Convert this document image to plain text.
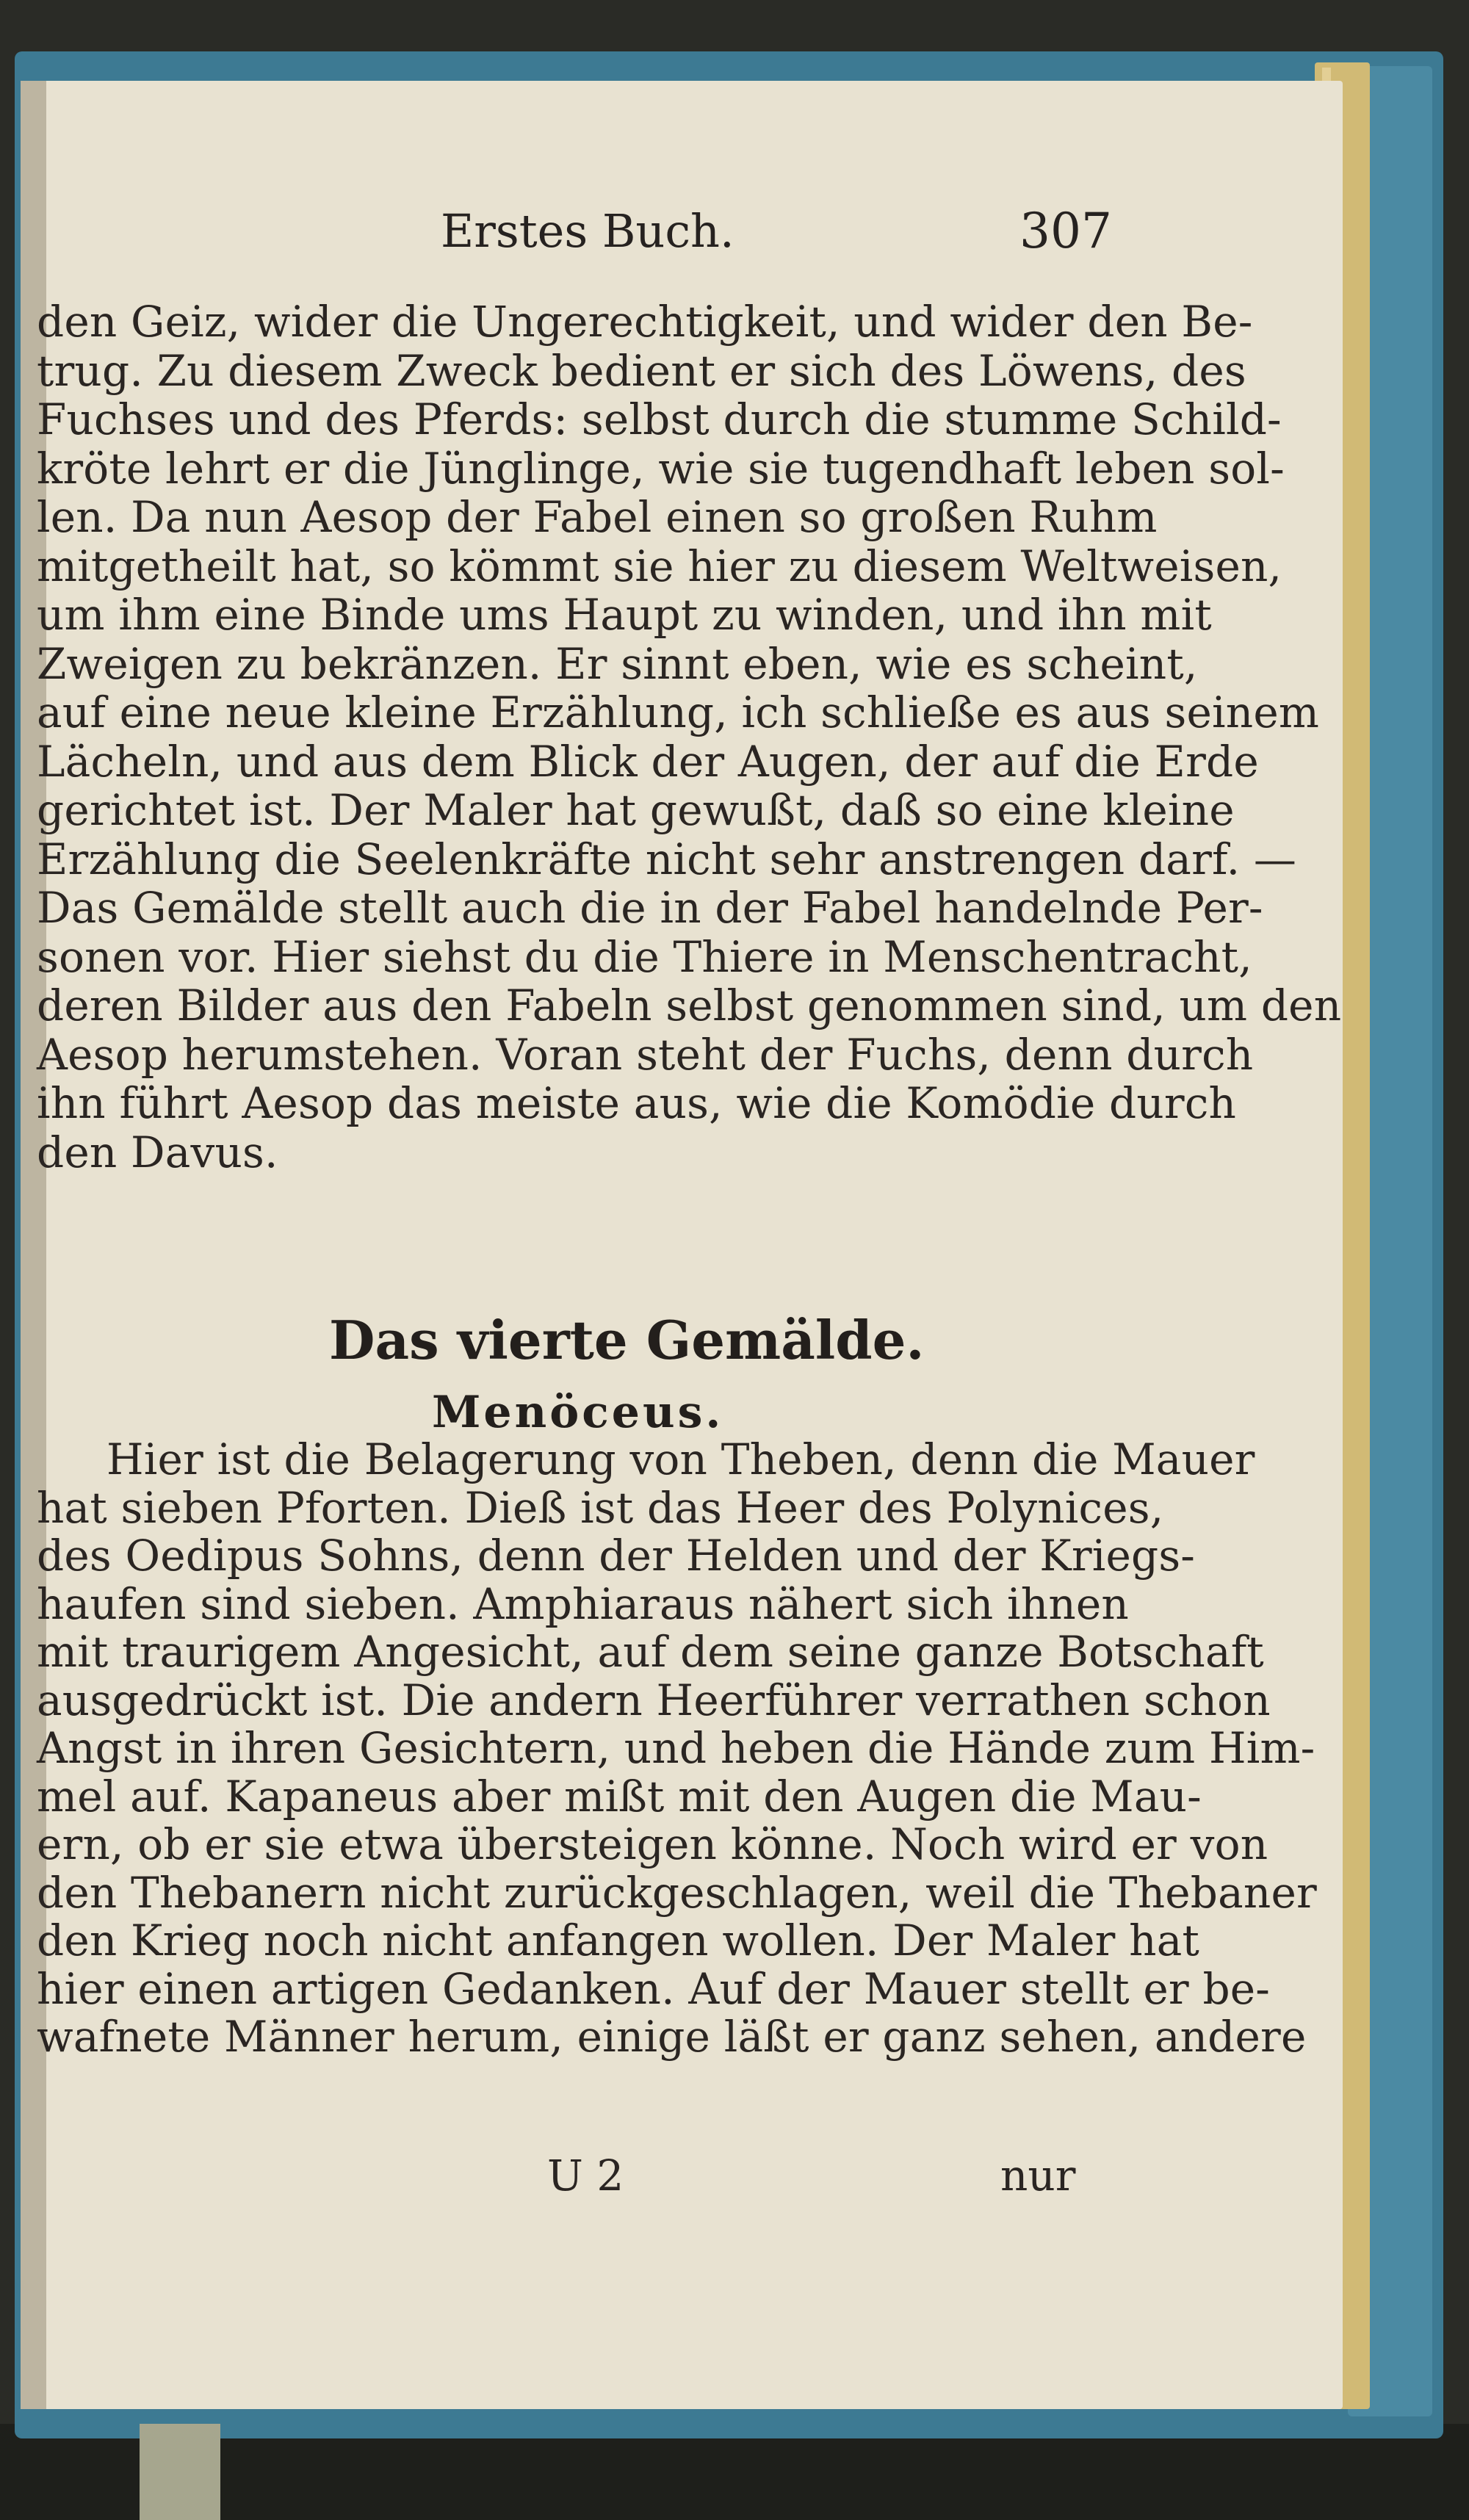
Erstes Buch.	307
den Geiz, wider die Ungerechtigkeit, und wider den Be-
trug. Zu diesem Zweck bedient er sich des Löwens, des
Fuchses und des Pferds: selbst durch die stumme Schild-
kröte lehrt er die Jünglinge, wie sie tugendhaft leben sol-
len. Da nun Aesop der Fabel einen so großen Ruhm
mitgetheilt hat, so kömmt sie hier zu diesem Weltweisen,
um ihm eine Binde ums Haupt zu winden, und ihn mit
Zweigen zu bekränzen. Er sinnt eben, wie es scheint,
auf eine neue kleine Erzählung, ich schließe es aus seinem
Lächeln, und aus dem Blick der Augen, der auf die Erde
gerichtet ist. Der Maler hat gewußt, daß so eine kleine
Erzählung die Seelenkräfte nicht sehr anstrengen darf. —
Das Gemälde stellt auch die in der Fabel handelnde Per-
sonen vor. Hier siehst du die Thiere in Menschentracht,
deren Bilder aus den Fabeln selbst genommen sind, um den
Aesop herumstehen. Voran steht der Fuchs, denn durch
ihn führt Aesop das meiste aus, wie die Komödie durch
den Davus.
Das vierte Gemälde.
Menöceus.
Hier ist die Belagerung von Theben, denn die Mauer
hat sieben Pforten. Dieß ist das Heer des Polynices,
des Oedipus Sohns, denn der Helden und der Kriegs-
haufen sind sieben. Amphiaraus nähert sich ihnen
mit traurigem Angesicht, auf dem seine ganze Botschaft
ausgedrückt ist. Die andern Heerführer verrathen schon
Angst in ihren Gesichtern, und heben die Hände zum Him-
mel auf. Kapaneus aber mißt mit den Augen die Mau-
ern, ob er sie etwa übersteigen könne. Noch wird er von
den Thebanern nicht zurückgeschlagen, weil die Thebaner
den Krieg noch nicht anfangen wollen. Der Maler hat
hier einen artigen Gedanken. Auf der Mauer stellt er be-
wafnete Männer herum, einige läßt er ganz sehen, andere
U 2	nur
